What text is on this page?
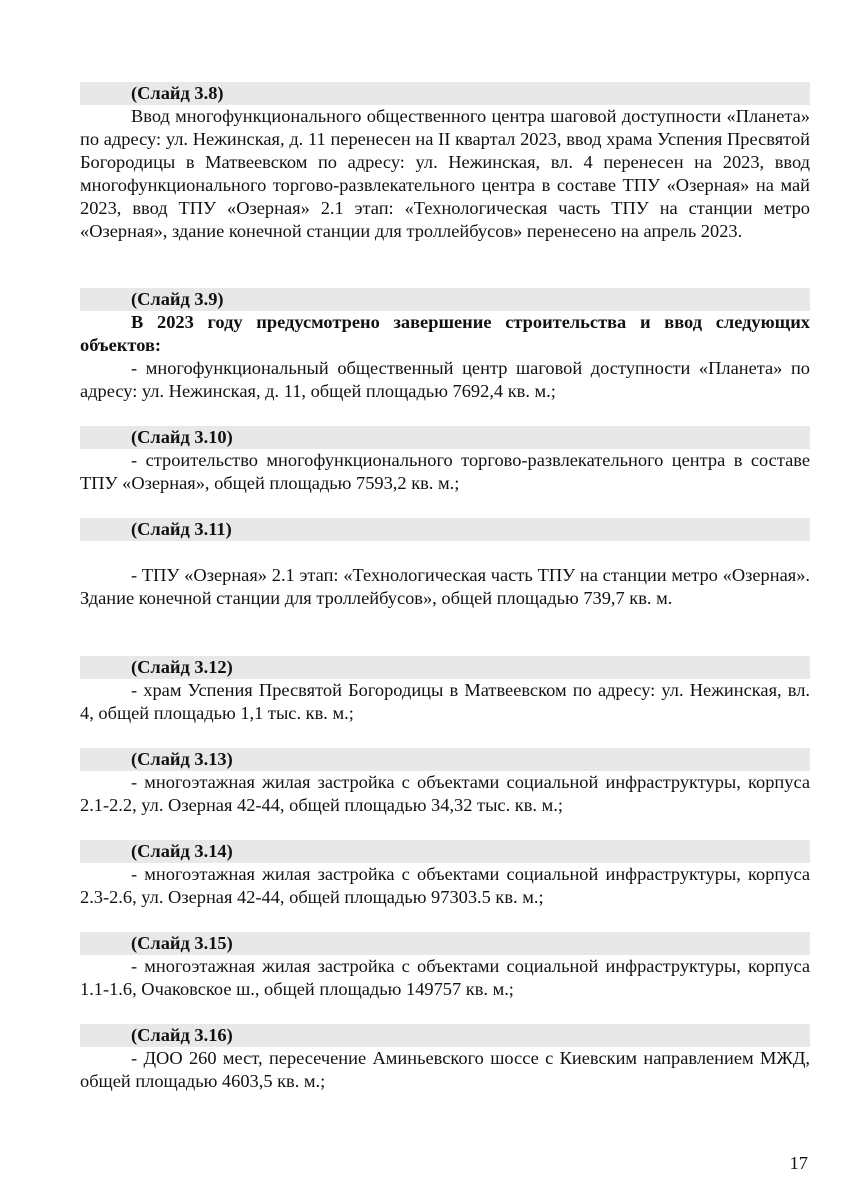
(Слайд 3.8)

Ввод многофункционального общественного центра шаговой доступности «Планета» по адресу: ул. Нежинская, д. 11 перенесен на II квартал 2023, ввод храма Успения Пресвятой Богородицы в Матвеевском по адресу: ул. Нежинская, вл. 4 перенесен на 2023, ввод многофункционального торгово-развлекательного центра в составе ТПУ «Озерная» на май 2023, ввод ТПУ «Озерная» 2.1 этап: «Технологическая часть ТПУ на станции метро «Озерная», здание конечной станции для троллейбусов» перенесено на апрель 2023.

(Слайд 3.9)

В 2023 году предусмотрено завершение строительства и ввод следующих объектов:

- многофункциональный общественный центр шаговой доступности «Планета» по адресу: ул. Нежинская, д. 11, общей площадью 7692,4 кв. м.;

(Слайд 3.10)

- строительство многофункционального торгово-развлекательного центра в составе ТПУ «Озерная», общей площадью 7593,2 кв. м.;

(Слайд 3.11)

- ТПУ «Озерная» 2.1 этап: «Технологическая часть ТПУ на станции метро «Озерная». Здание конечной станции для троллейбусов», общей площадью 739,7 кв. м.

(Слайд 3.12)

- храм Успения Пресвятой Богородицы в Матвеевском по адресу: ул. Нежинская, вл. 4, общей площадью 1,1 тыс. кв. м.;

(Слайд 3.13)

- многоэтажная жилая застройка с объектами социальной инфраструктуры, корпуса 2.1-2.2, ул. Озерная 42-44, общей площадью 34,32 тыс. кв. м.;

(Слайд 3.14)

- многоэтажная жилая застройка с объектами социальной инфраструктуры, корпуса 2.3-2.6, ул. Озерная 42-44, общей площадью 97303.5 кв. м.;

(Слайд 3.15)

- многоэтажная жилая застройка с объектами социальной инфраструктуры, корпуса 1.1-1.6, Очаковское ш., общей площадью 149757 кв. м.;

(Слайд 3.16)

- ДОО 260 мест, пересечение Аминьевского шоссе с Киевским направлением МЖД, общей площадью 4603,5 кв. м.;

17
